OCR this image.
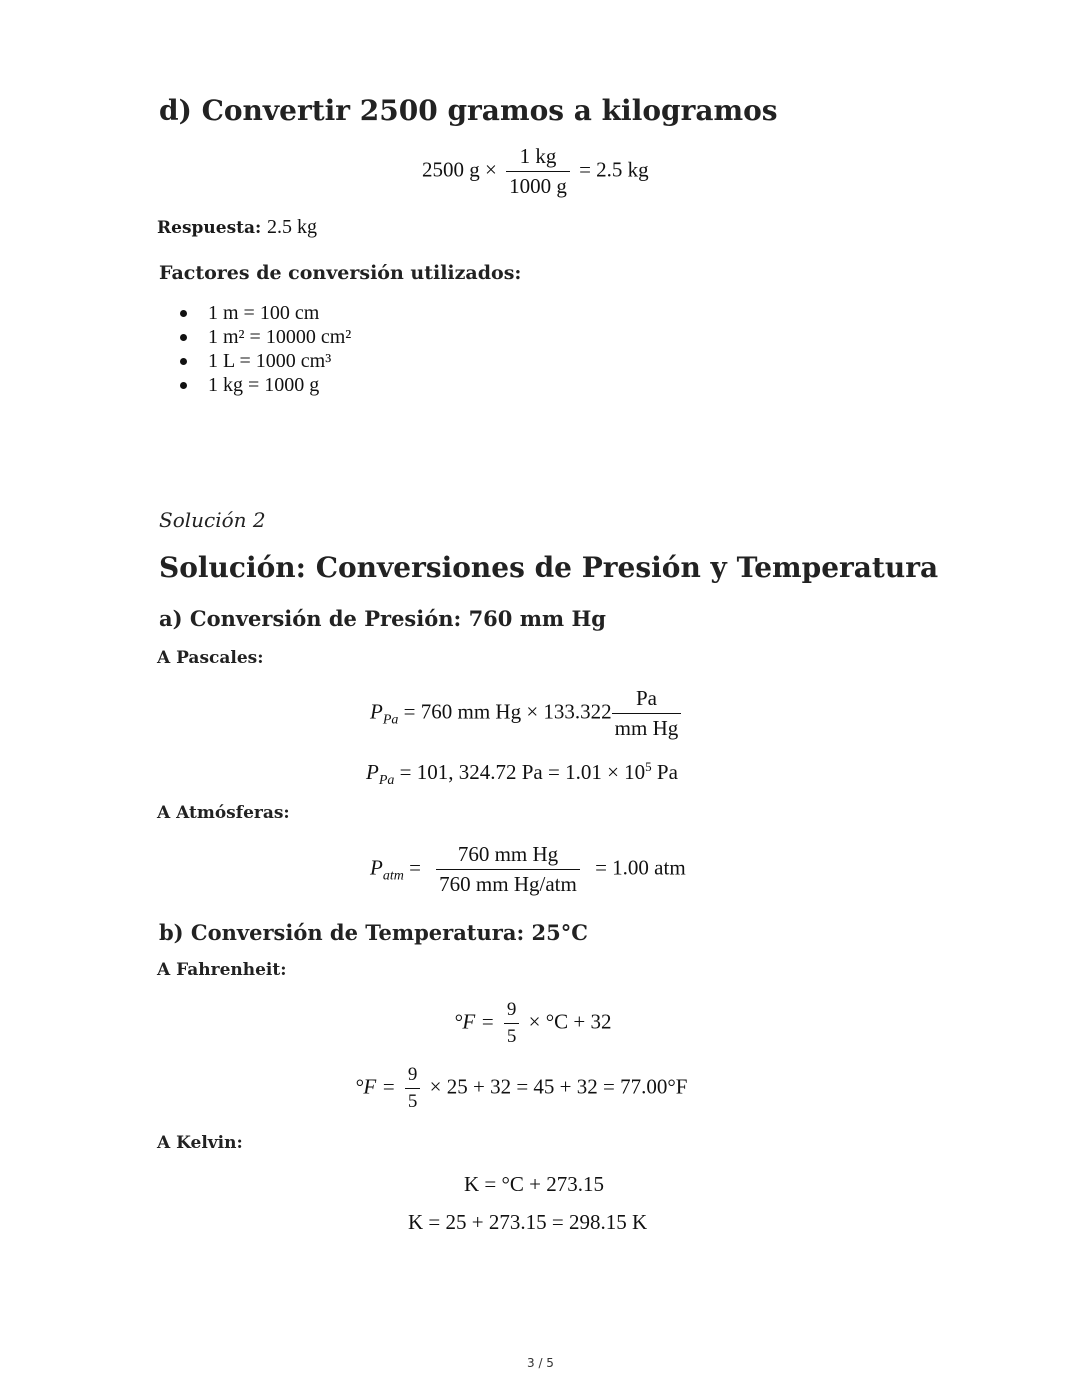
d) Convertir 2500 gramos a kilogramos
2500 $g \times \frac{1 kg}{1000 g} = 2.5$ kg
Respuesta: 2.5 kg
Factores de conversión utilizados:
1 m = 100 cm
1 m² = 10000 cm²
1 L = 1000 cm³
1 kg = 1000 g
Solución 2
Solución: Conversiones de Presión y Temperatura
a) Conversión de Presión: 760 mm Hg
A Pascales:
$P_{Pa} = 760$ mm $Hg \times 133.322 \frac{Pa}{\text{mm Hg}}$
$P_{Pa} = 101$, 324.72 $Pa = 1.01 \times 10^5$ Pa
A Atmósferas:
$P_{atm} = \frac{\text{760 mm Hg}}{\text{760 mm Hg/atm}} = 1.00$ atm
b) Conversión de Temperatura: 25°C
A Fahrenheit:
$^\circ F = \frac{9}{5} \times ^\circ C + 32$
$^\circ F = \frac{9}{5} \times 25 + 32 = 45 + 32 = 77.00^\circ F$
A Kelvin:
K = °C + 273.15
K = 25 + 273.15 = 298.15 K
3 / 5
